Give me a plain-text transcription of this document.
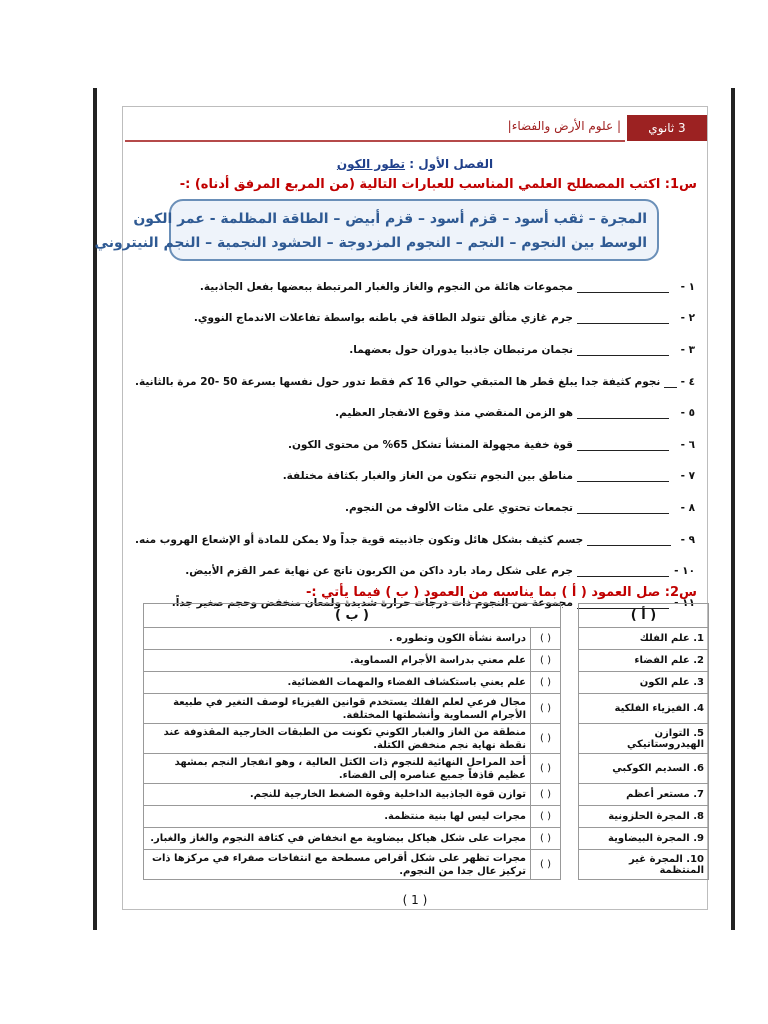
3 ثانوي مسارات
| علوم الأرض والفضاء|
الفصل الأول : تطور الكون
س1: اكتب المصطلح العلمي المناسب للعبارات التالية (من المربع المرفق أدناه) :-
المجرة – ثقب أسود – قزم أسود – قزم أبيض – الطاقة المظلمة - عمر الكون
الوسط بين النجوم – النجم – النجوم المزدوجة – الحشود النجمية – النجم النيتروني
١ -
مجموعات هائلة من النجوم والغاز والغبار المرتبطة ببعضها بفعل الجاذبية.
٢ -
جرم غازي متألق تتولد الطاقة في باطنه بواسطة تفاعلات الاندماج النووي.
٣ -
نجمان مرتبطان جاذبيا يدوران حول بعضهما.
٤ -
نجوم كثيفة جدا يبلغ قطر ها المتبقي حوالي 16 كم فقط تدور حول نفسها بسرعة 50 -20 مرة بالثانية.
٥ -
هو الزمن المنقضي منذ وقوع الانفجار العظيم.
٦ -
قوة خفية مجهولة المنشأ تشكل 65% من محتوى الكون.
٧ -
مناطق بين النجوم تتكون من الغاز والغبار بكثافة مختلفة.
٨ -
تجمعات تحتوي على مئات الألوف من النجوم.
٩ -
جسم كثيف بشكل هائل وتكون جاذبيته قوية جداً ولا يمكن للمادة أو الإشعاع الهروب منه.
١٠ -
جرم على شكل رماد بارد داكن من الكربون ناتج عن نهاية عمر القزم الأبيض.
١١ -
مجموعة من النجوم ذات درجات حرارة شديدة ولمعان منخفض وحجم صغير جداً.
س2: صل العمود ( أ ) بما يناسبه من العمود ( ب ) فيما يأتي :-
( أ )		( ب )	
1. علم الفلك		( )	دراسة نشأة الكون وتطوره .
2. علم الفضاء		( )	علم معني بدراسة الأجرام السماوية.
3. علم الكون		( )	علم يعني باستكشاف الفضاء والمهمات الفضائية.
4. الفيزياء الفلكية		( )	مجال فرعي لعلم الفلك يستخدم قوانين الفيزياء لوصف التغير في طبيعة الأجرام السماوية وأنشطتها المختلفة.
5. التوازن الهيدروستاتيكي		( )	منطقة من الغاز والغبار الكوني تكونت من الطبقات الخارجية المقذوفة عند نقطة نهاية نجم منخفض الكتلة.
6. السديم الكوكبي		( )	أحد المراحل النهائية للنجوم ذات الكتل العالية ، وهو انفجار النجم بمشهد عظيم قاذفاً جميع عناصره إلى الفضاء.
7. مستعر أعظم		( )	توازن قوة الجاذبية الداخلية وقوة الضغط الخارجية للنجم.
8. المجرة الحلزونية		( )	مجرات ليس لها بنية منتظمة.
9. المجرة البيضاوية		( )	مجرات على شكل هياكل بيضاوية مع انخفاض في كثافة النجوم والغاز والغبار.
10. المجرة غير المنتظمة		( )	مجرات تظهر على شكل أقراص مسطحة مع انتفاخات صفراء في مركزها ذات تركيز عال جدا من النجوم.
( 1 )
